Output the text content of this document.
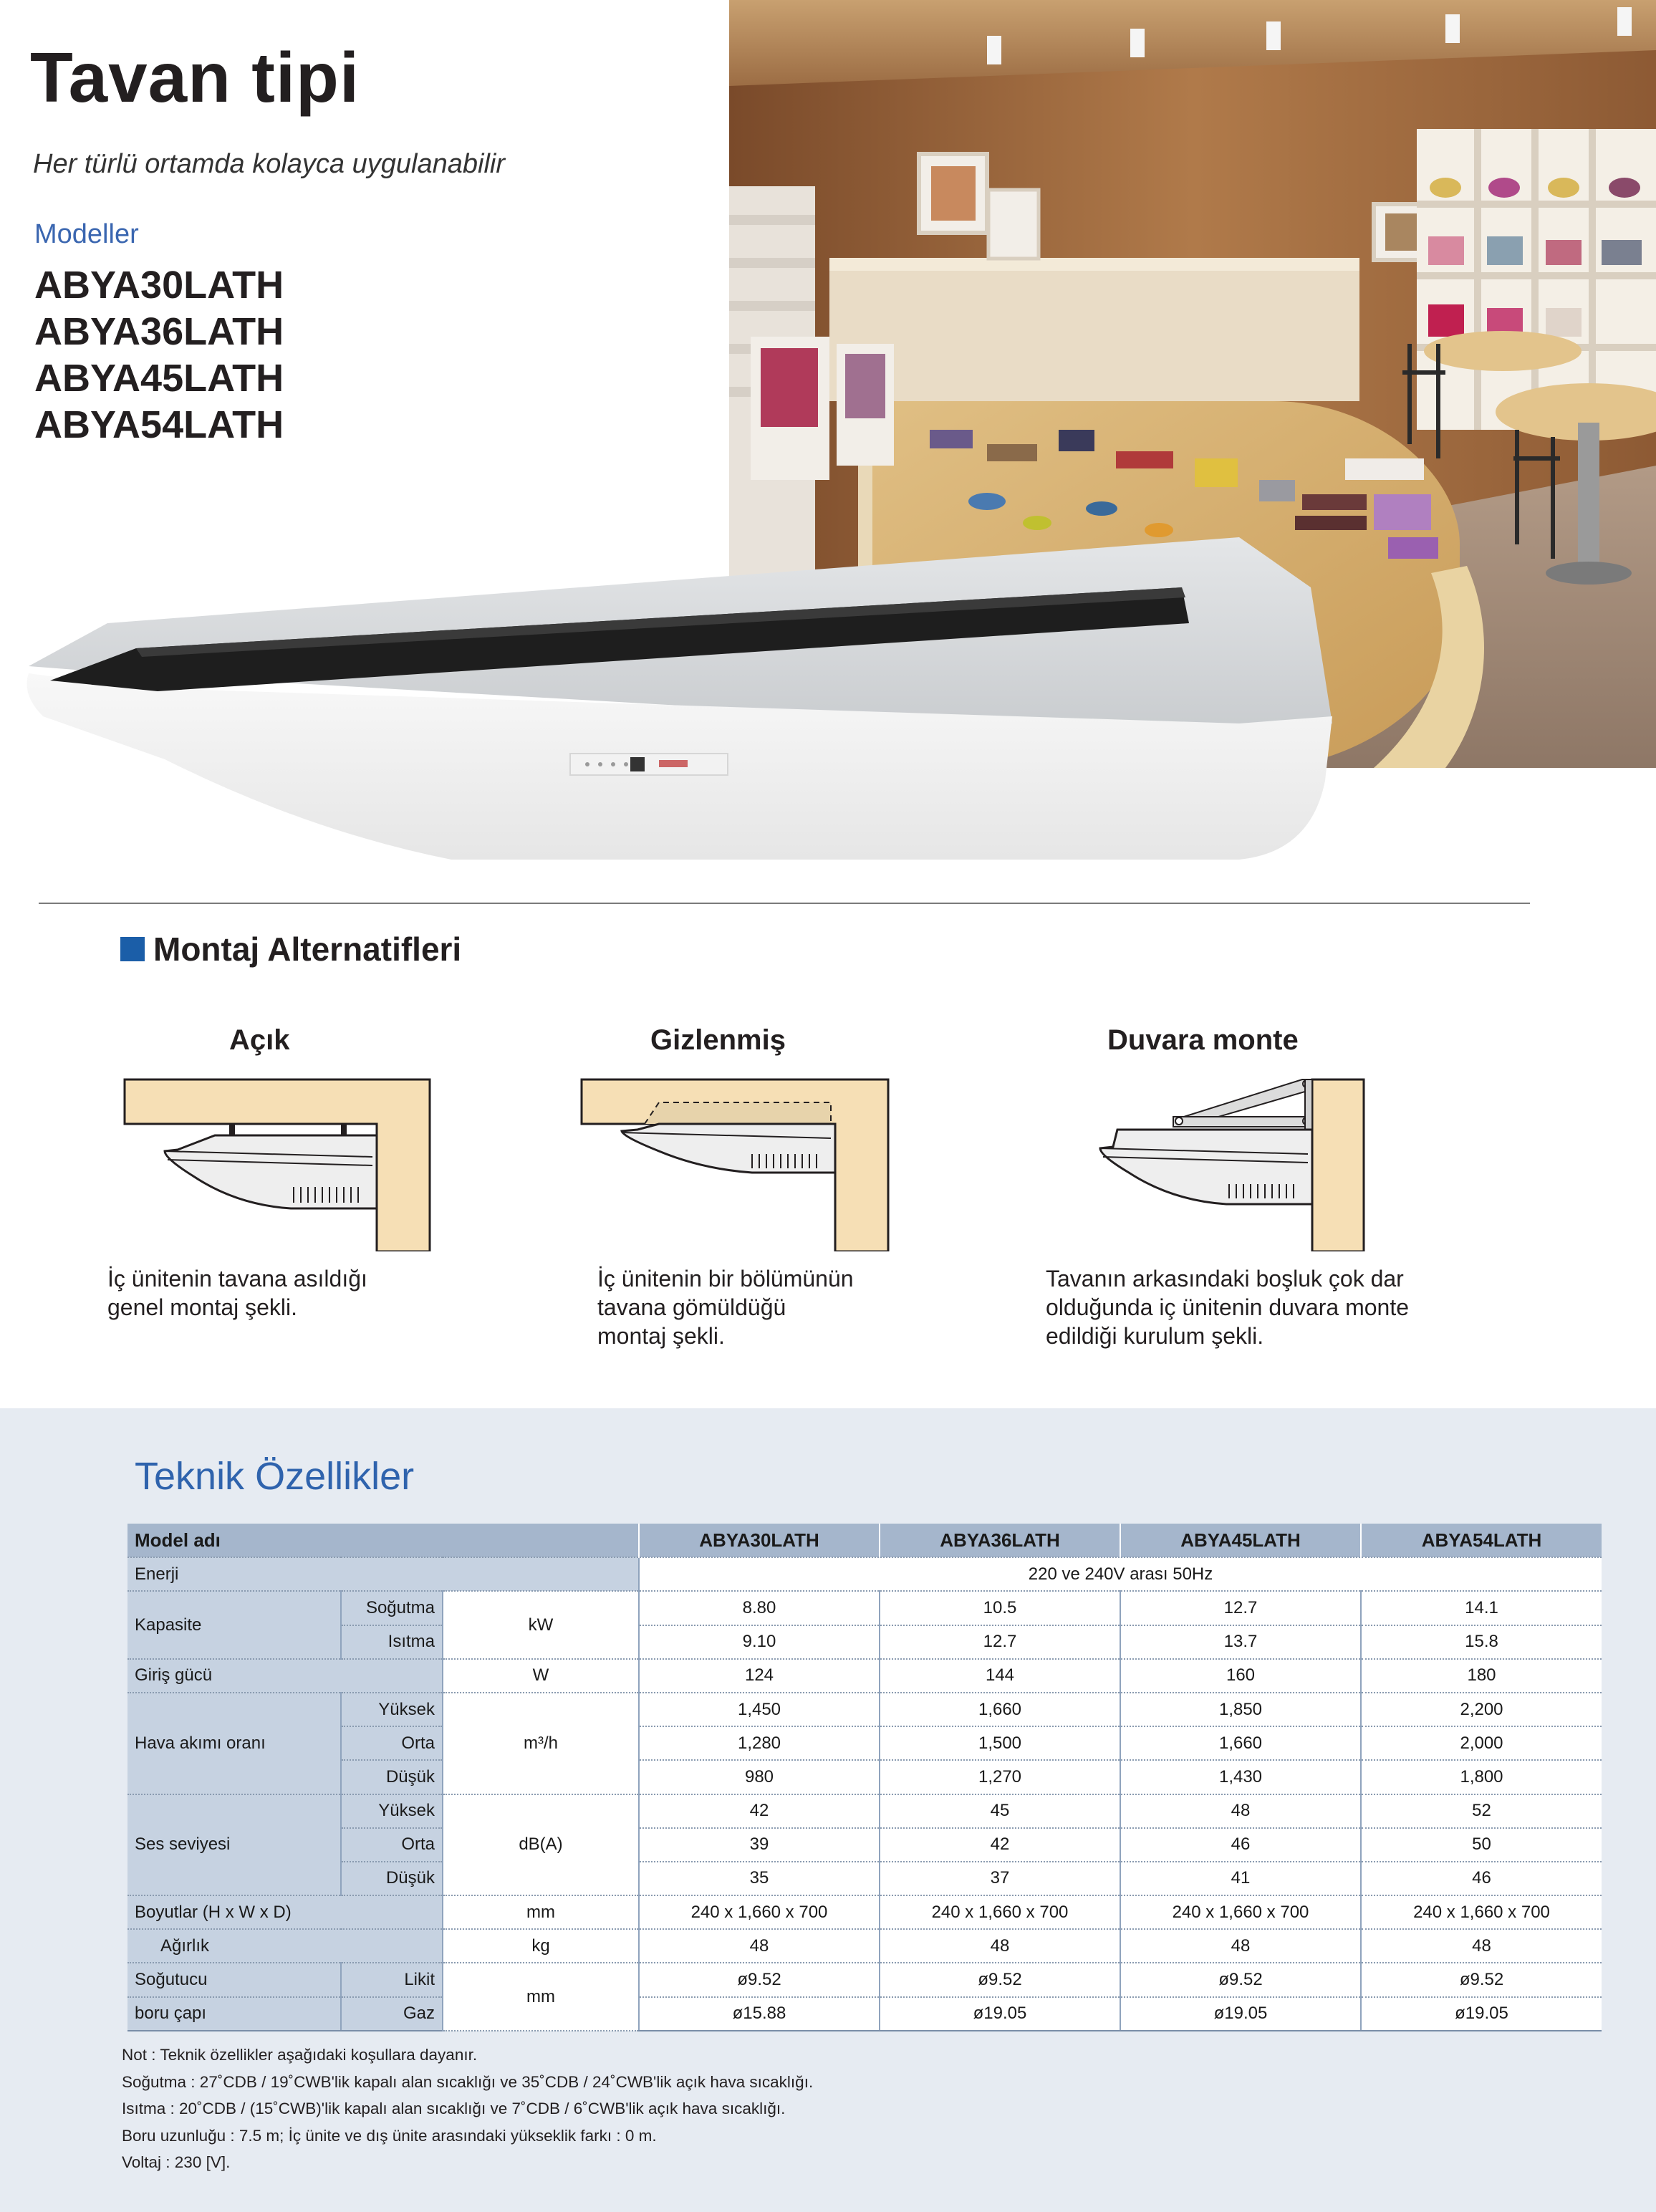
Tavan tipi
Her türlü ortamda kolayca uygulanabilir
Modeller
ABYA30LATH
ABYA36LATH
ABYA45LATH
ABYA54LATH
Montaj Alternatifleri
Açık
İç ünitenin tavana asıldığı
genel montaj şekli.
Gizlenmiş
İç ünitenin bir bölümünün
tavana gömüldüğü
montaj şekli.
Duvara monte
Tavanın arkasındaki boşluk çok dar
olduğunda iç ünitenin duvara monte
edildiği kurulum şekli.
Teknik Özellikler
Model adı			ABYA30LATH	ABYA36LATH	ABYA45LATH	ABYA54LATH
Enerji			220 ve 240V arası 50Hz			
Kapasite	Soğutma	kW	8.80	10.5	12.7	14.1
	Isıtma		9.10	12.7	13.7	15.8
Giriş gücü		W	124	144	160	180
Hava akımı oranı	Yüksek	m³/h	1,450	1,660	1,850	2,200
	Orta		1,280	1,500	1,660	2,000
	Düşük		980	1,270	1,430	1,800
Ses seviyesi	Yüksek	dB(A)	42	45	48	52
	Orta		39	42	46	50
	Düşük		35	37	41	46
Boyutlar (H x W x D)		mm	240 x 1,660 x 700	240 x 1,660 x 700	240 x 1,660 x 700	240 x 1,660 x 700
Ağırlık		kg	48	48	48	48
Soğutucu	Likit	mm	ø9.52	ø9.52	ø9.52	ø9.52
boru çapı	Gaz		ø15.88	ø19.05	ø19.05	ø19.05
Not : Teknik özellikler aşağıdaki koşullara dayanır.
Soğutma : 27˚CDB / 19˚CWB'lik kapalı alan sıcaklığı ve 35˚CDB / 24˚CWB'lik açık hava sıcaklığı.
Isıtma : 20˚CDB / (15˚CWB)'lik kapalı alan sıcaklığı ve 7˚CDB / 6˚CWB'lik açık hava sıcaklığı.
Boru uzunluğu : 7.5 m; İç ünite ve dış ünite arasındaki yükseklik farkı : 0 m.
Voltaj : 230 [V].
